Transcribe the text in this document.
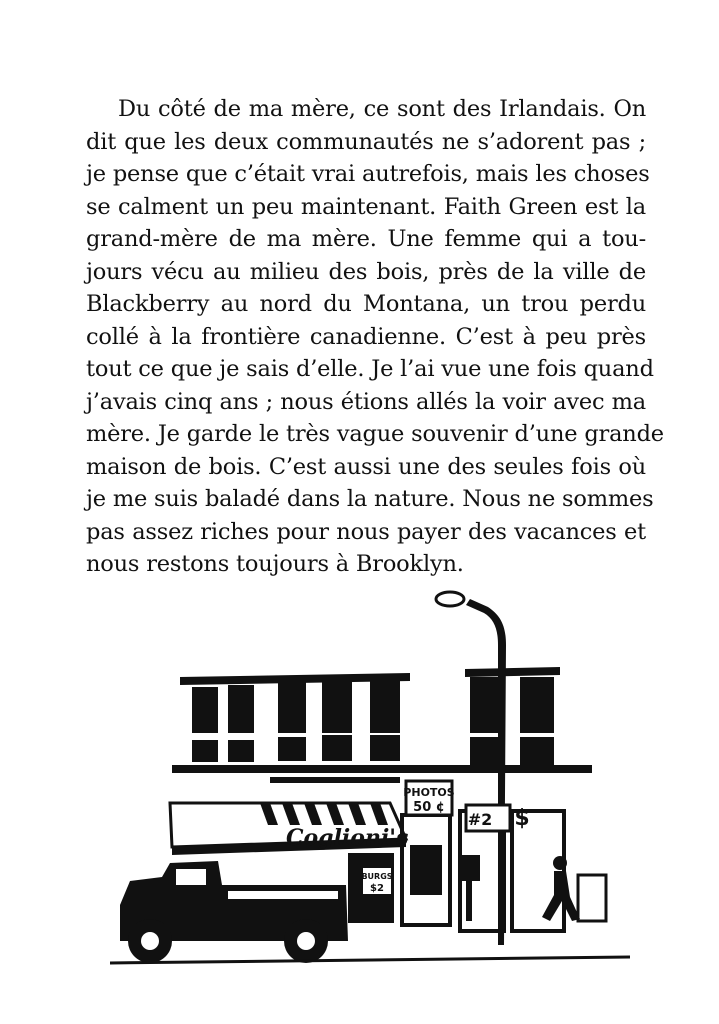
Du côté de ma mère, ce sont des Irlandais. On
dit que les deux communautés ne s’adorent pas ;
je pense que c’était vrai autrefois, mais les choses
se calment un peu maintenant. Faith Green est la
grand-mère de ma mère. Une femme qui a tou-
jours vécu au milieu des bois, près de la ville de
Blackberry au nord du Montana, un trou perdu
collé à la frontière canadienne. C’est à peu près
tout ce que je sais d’elle. Je l’ai vue une fois quand
j’avais cinq ans ; nous étions allés la voir avec ma
mère. Je garde le très vague souvenir d’une grande
maison de bois. C’est aussi une des seules fois où
je me suis baladé dans la nature. Nous ne sommes
pas assez riches pour nous payer des vacances et
nous restons toujours à Brooklyn.
Coglioni's
PHOTOS
50 ¢
#2 $
BURGS
$2
